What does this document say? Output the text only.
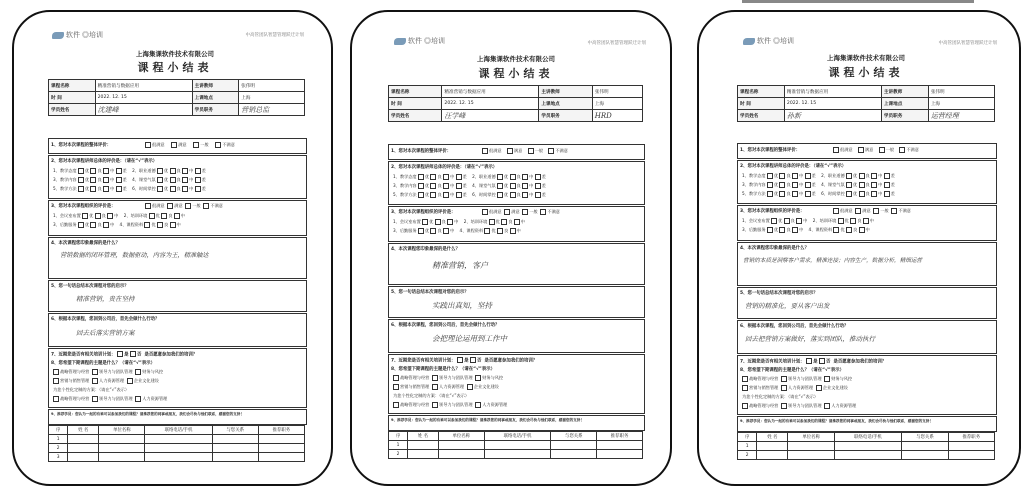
软件 ◎培训	中高管团队智慧管理跃迁计划
上海集课软件技术有限公司
课程小结表
课程名称	精准营销与数据应用	主讲教师	张伟明
时 间	2022. 12. 15	上课地点	上海
学员姓名	沈建峰	学员职务	营销总监
1、您对本次课程的整体评价：	很满意	满意	一般	不满意
2、您对本次课程讲师总体的评价是：（请在“√”表示）
1、教学态度 优 良 中 差    2、职业道德 优 良 中 差
3、教学内容 优 良 中 差    4、课堂气氛 优 良 中 差
5、教学方法 优 良 中 差    6、时间掌控 优 良 中 差
3、您对本次课程组织的评价是：	很满意 满意 一般 不满意
1、会议室布置 优 良 中    2、培训环境 优 良 中
3、后勤服务 优 良 中    4、课程资料 优 良 中
4、本次课程您印象最深的是什么？
营销数据的闭环管理，数据驱动，内容为王，精准触达
5、您一句话总结本次课程对您的启示？
精准营销，贵在坚持
6、根据本次课程，您回到公司后，首先会做什么行动？
回去后落实营销方案
7、近期您是否有相关培训计划： 是 否 是否愿意参加我们的培训？
8、您希望下期课程的主题是什么？（请在“√”表示）
战略管理与经营 领导力与团队管理 财务与风控
营销与销售管理 人力资源管理 企业文化建设
为您个性化定制的方案：（请在“√”表示）
战略管理与经营 领导力与团队管理 人力资源管理
9、推荐学员：您认为一起的有谁可以参加我们的课程？请推荐您的同事或朋友，我们会尽快与他们联系，感谢您的支持！
序	姓 名	单位名称	联络电话/手机	与您关系	推荐职务
1					
2					
3					
软件 ◎培训	中高管团队智慧管理跃迁计划
上海集课软件技术有限公司
课程小结表
课程名称	精准营销与数据应用	主讲教师	张伟明
时 间	2022. 12. 15	上课地点	上海
学员姓名	汪学峰	学员职务	HRD
1、您对本次课程的整体评价：	很满意	满意	一般	不满意
2、您对本次课程讲师总体的评价是：（请在“√”表示）
1、教学态度 优 良 中 差    2、职业道德 优 良 中 差
3、教学内容 优 良 中 差    4、课堂气氛 优 良 中 差
5、教学方法 优 良 中 差    6、时间掌控 优 良 中 差
3、您对本次课程组织的评价是：	很满意 满意 一般 不满意
1、会议室布置 优 良 中    2、培训环境 优 良 中
3、后勤服务 优 良 中    4、课程资料 优 良 中
4、本次课程您印象最深的是什么？
精准营销，客户
5、您一句话总结本次课程对您的启示？
实践出真知，坚持
6、根据本次课程，您回到公司后，首先会做什么行动？
会把理论运用到工作中
7、近期您是否有相关培训计划： 是 否 是否愿意参加我们的培训？
8、您希望下期课程的主题是什么？（请在“√”表示）
战略管理与经营 领导力与团队管理 财务与风控
营销与销售管理 人力资源管理 企业文化建设
为您个性化定制的方案：（请在“√”表示）
战略管理与经营 领导力与团队管理 人力资源管理
9、推荐学员：您认为一起的有谁可以参加我们的课程？请推荐您的同事或朋友，我们会尽快与他们联系，感谢您的支持！
序	姓 名	单位名称	联络电话/手机	与您关系	推荐职务
1					
2					
软件 ◎培训	中高管团队智慧管理跃迁计划
上海集课软件技术有限公司
课程小结表
课程名称	精准营销与数据应用	主讲教师	张伟明
时 间	2022. 12. 15	上课地点	上海
学员姓名	孙新	学员职务	运营经理
1、您对本次课程的整体评价：	很满意	满意	一般	不满意
2、您对本次课程讲师总体的评价是：（请在“√”表示）
1、教学态度 优 良 中 差    2、职业道德 优 良 中 差
3、教学内容 优 良 中 差    4、课堂气氛 优 良 中 差
5、教学方法 优 良 中 差    6、时间掌控 优 良 中 差
3、您对本次课程组织的评价是：	很满意 满意 一般 不满意
1、会议室布置 优 良 中    2、培训环境 优 良 中
3、后勤服务 优 良 中    4、课程资料 优 良 中
4、本次课程您印象最深的是什么？
营销的本质是洞察客户需求，精准连接；内容生产，数据分析，精细运营
5、您一句话总结本次课程对您的启示？
营销的精准化，要从客户出发
6、根据本次课程，您回到公司后，首先会做什么行动？
回去把营销方案做好，落实到团队，推动执行
7、近期您是否有相关培训计划： 是 否 是否愿意参加我们的培训？
8、您希望下期课程的主题是什么？（请在“√”表示）
战略管理与经营 领导力与团队管理 财务与风控
营销与销售管理 人力资源管理 企业文化建设
为您个性化定制的方案：（请在“√”表示）
战略管理与经营 领导力与团队管理 人力资源管理
9、推荐学员：您认为一起的有谁可以参加我们的课程？请推荐您的同事或朋友，我们会尽快与他们联系，感谢您的支持！
序	姓 名	单位名称	联络电话/手机	与您关系	推荐职务
1					
2					
